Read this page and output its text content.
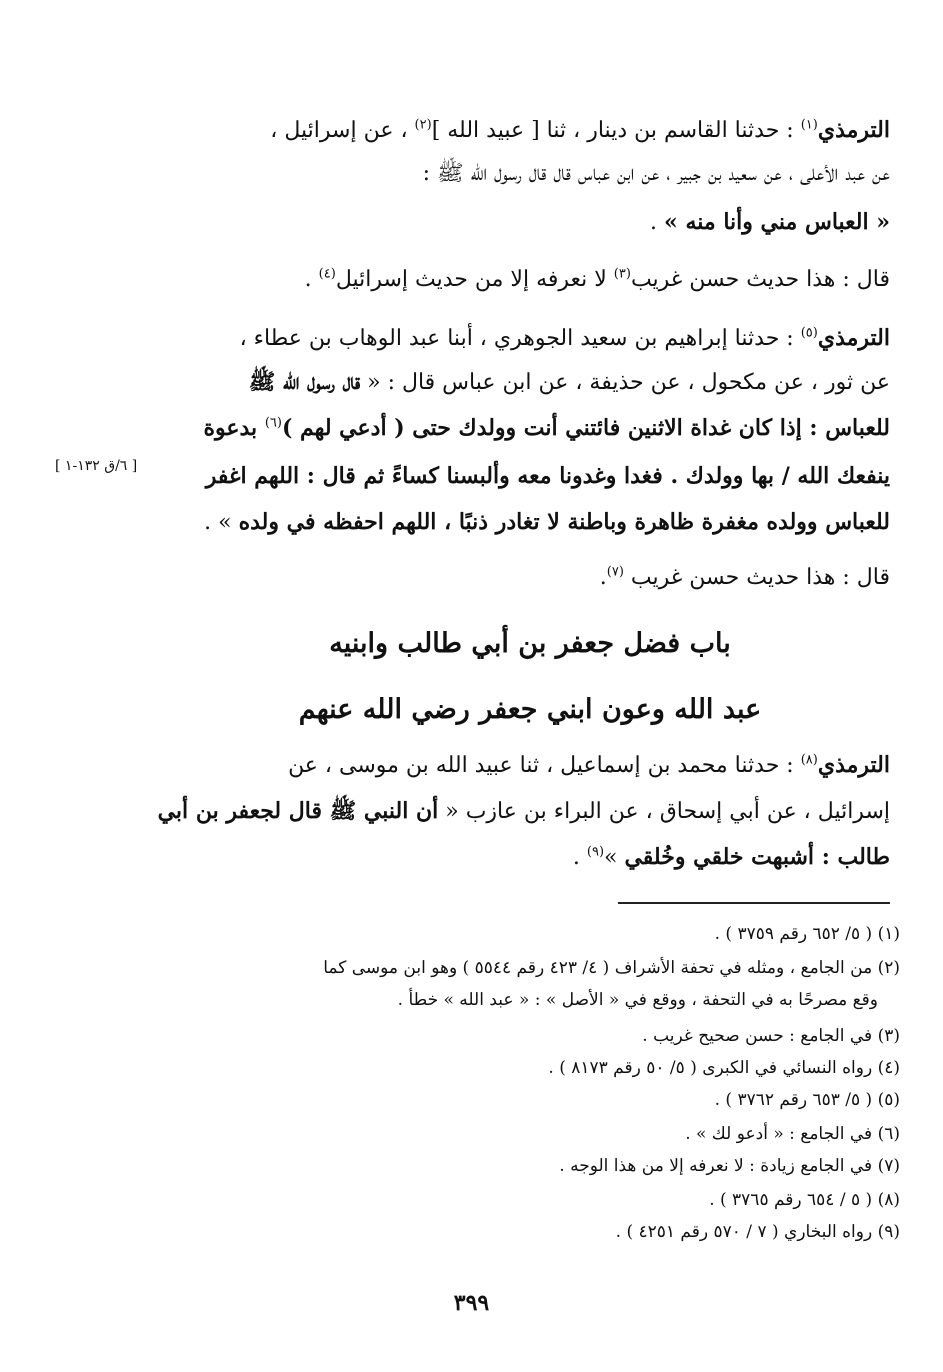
الترمذي$^{(١)}$ : حدثنا القاسم بن دينار ، ثنا [ عبيد الله ]$^{(٢)}$ ، عن إسرائيل ،
عن عبد الأعلى ، عن سعيد بن جبير ، عن ابن عباس قال قال رسول الله ﷺ :
« العباس مني وأنا منه » .
قال : هذا حديث حسن غريب$^{(٣)}$ لا نعرفه إلا من حديث إسرائيل$^{(٤)}$ .
الترمذي$^{(٥)}$ : حدثنا إبراهيم بن سعيد الجوهري ، أبنا عبد الوهاب بن عطاء ،
عن ثور ، عن مكحول ، عن حذيفة ، عن ابن عباس قال : « قال رسول الله ﷺ
للعباس : إذا كان غداة الاثنين فائتني أنت وولدك حتى ( أدعي لهم )$^{(٦)}$ بدعوة
ينفعك الله / بها وولدك . فغدا وغدونا معه وألبسنا كساءً ثم قال : اللهم اغفر
للعباس وولده مغفرة ظاهرة وباطنة لا تغادر ذنبًا ، اللهم احفظه في ولده » .
قال : هذا حديث حسن غريب $^{(٧)}$.
باب فضل جعفر بن أبي طالب وابنيه
عبد الله وعون ابني جعفر رضي الله عنهم
الترمذي$^{(٨)}$ : حدثنا محمد بن إسماعيل ، ثنا عبيد الله بن موسى ، عن
إسرائيل ، عن أبي إسحاق ، عن البراء بن عازب « أن النبي ﷺ قال لجعفر بن أبي
طالب : أشبهت خلقي وخُلقي »$^{(٩)}$ .
[ ٦/ق ١٣٢-١ ]
(١) ( ٥/ ٦٥٢ رقم ٣٧٥٩ ) .
(٢) من الجامع ، ومثله في تحفة الأشراف ( ٤/ ٤٢٣ رقم ٥٥٤٤ ) وهو ابن موسى كما
وقع مصرحًا به في التحفة ، ووقع في « الأصل » : « عبد الله » خطأ .
(٣) في الجامع : حسن صحيح غريب .
(٤) رواه النسائي في الكبرى ( ٥/ ٥٠ رقم ٨١٧٣ ) .
(٥) ( ٥/ ٦٥٣ رقم ٣٧٦٢ ) .
(٦) في الجامع : « أدعو لك » .
(٧) في الجامع زيادة : لا نعرفه إلا من هذا الوجه .
(٨) ( ٥ / ٦٥٤ رقم ٣٧٦٥ ) .
(٩) رواه البخاري ( ٧ / ٥٧٠ رقم ٤٢٥١ ) .
٣٩٩
